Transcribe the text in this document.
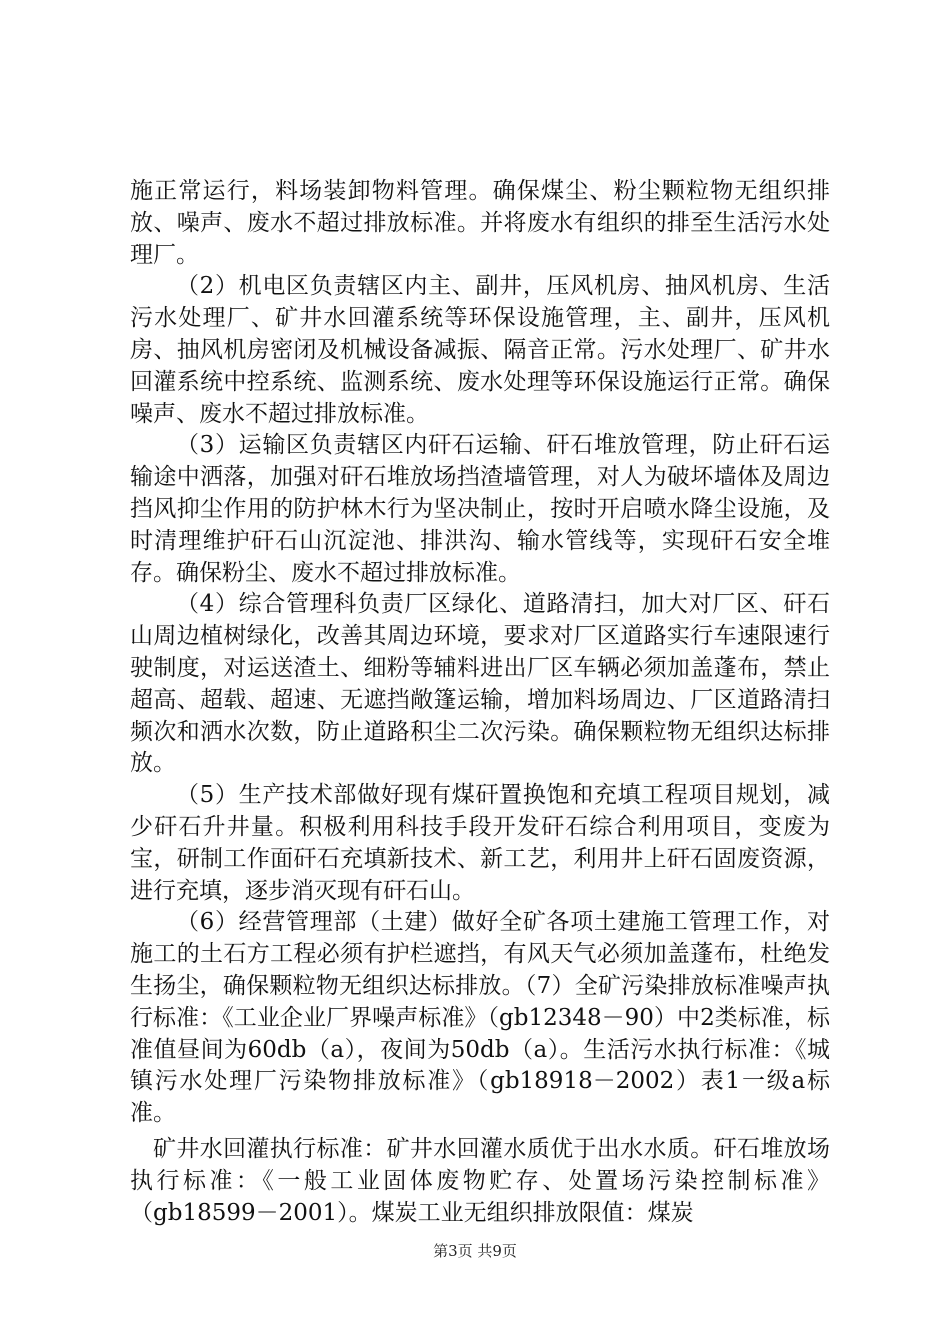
施正常运行，料场装卸物料管理。确保煤尘、粉尘颗粒物无组织排放、噪声、废水不超过排放标准。并将废水有组织的排至生活污水处理厂。

（2）机电区负责辖区内主、副井，压风机房、抽风机房、生活污水处理厂、矿井水回灌系统等环保设施管理，主、副井，压风机房、抽风机房密闭及机械设备减振、隔音正常。污水处理厂、矿井水回灌系统中控系统、监测系统、废水处理等环保设施运行正常。确保噪声、废水不超过排放标准。

（3）运输区负责辖区内矸石运输、矸石堆放管理，防止矸石运输途中洒落，加强对矸石堆放场挡渣墙管理，对人为破坏墙体及周边挡风抑尘作用的防护林木行为坚决制止，按时开启喷水降尘设施，及时清理维护矸石山沉淀池、排洪沟、输水管线等，实现矸石安全堆存。确保粉尘、废水不超过排放标准。

（4）综合管理科负责厂区绿化、道路清扫，加大对厂区、矸石山周边植树绿化，改善其周边环境，要求对厂区道路实行车速限速行驶制度，对运送渣土、细粉等辅料进出厂区车辆必须加盖蓬布，禁止超高、超载、超速、无遮挡敞篷运输，增加料场周边、厂区道路清扫频次和洒水次数，防止道路积尘二次污染。确保颗粒物无组织达标排放。

（5）生产技术部做好现有煤矸置换饱和充填工程项目规划，减少矸石升井量。积极利用科技手段开发矸石综合利用项目，变废为宝，研制工作面矸石充填新技术、新工艺，利用井上矸石固废资源，进行充填，逐步消灭现有矸石山。

（6）经营管理部（土建）做好全矿各项土建施工管理工作，对施工的土石方工程必须有护栏遮挡，有风天气必须加盖蓬布，杜绝发生扬尘，确保颗粒物无组织达标排放。（7）全矿污染排放标准噪声执行标准：《工业企业厂界噪声标准》（gb12348－90）中2类标准，标准值昼间为60db（a），夜间为50db（a）。生活污水执行标准：《城镇污水处理厂污染物排放标准》（gb18918－2002）表1一级a标准。

矿井水回灌执行标准：矿井水回灌水质优于出水水质。矸石堆放场执行标准：《一般工业固体废物贮存、处置场污染控制标准》（gb18599－2001）。煤炭工业无组织排放限值：煤炭

第3页 共9页
